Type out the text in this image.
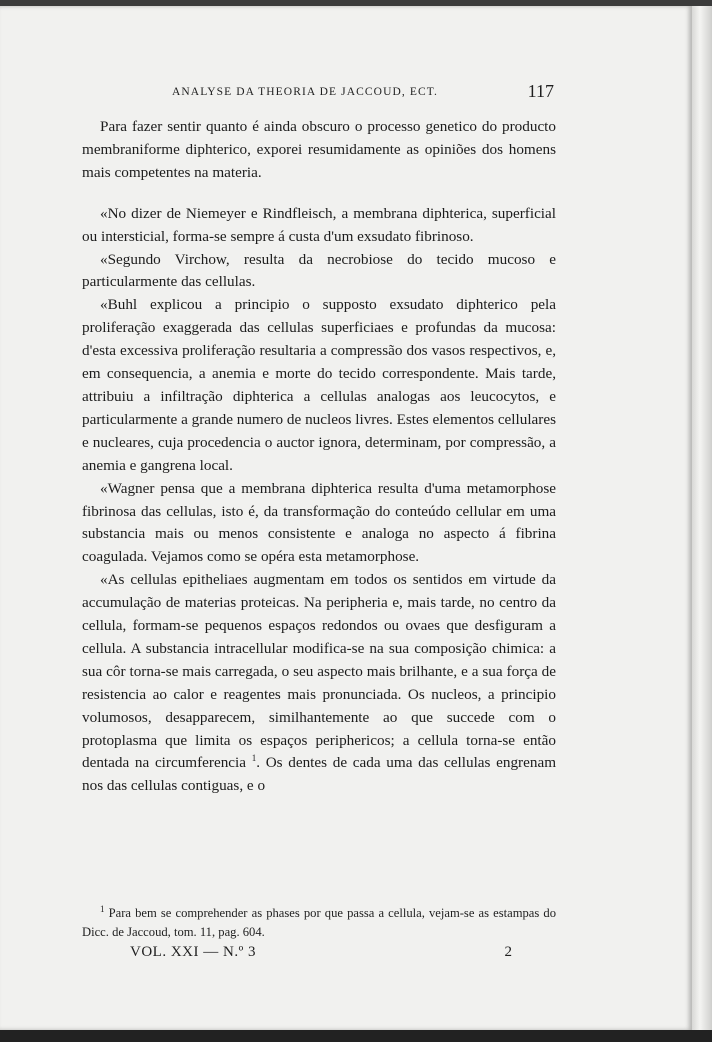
ANALYSE DA THEORIA DE JACCOUD, ECT.	117

Para fazer sentir quanto é ainda obscuro o processo genetico do producto membraniforme diphterico, exporei resumidamente as opiniões dos homens mais competentes na materia.

«No dizer de Niemeyer e Rindfleisch, a membrana diphterica, superficial ou intersticial, forma-se sempre á custa d'um exsudato fibrinoso.

«Segundo Virchow, resulta da necrobiose do tecido mucoso e particularmente das cellulas.

«Buhl explicou a principio o supposto exsudato diphterico pela proliferação exaggerada das cellulas superficiaes e profundas da mucosa: d'esta excessiva proliferação resultaria a compressão dos vasos respectivos, e, em consequencia, a anemia e morte do tecido correspondente. Mais tarde, attribuiu a infiltração diphterica a cellulas analogas aos leucocytos, e particularmente a grande numero de nucleos livres. Estes elementos cellulares e nucleares, cuja procedencia o auctor ignora, determinam, por compressão, a anemia e gangrena local.

«Wagner pensa que a membrana diphterica resulta d'uma metamorphose fibrinosa das cellulas, isto é, da transformação do conteúdo cellular em uma substancia mais ou menos consistente e analoga no aspecto á fibrina coagulada. Vejamos como se opéra esta metamorphose.

«As cellulas epitheliaes augmentam em todos os sentidos em virtude da accumulação de materias proteicas. Na peripheria e, mais tarde, no centro da cellula, formam-se pequenos espaços redondos ou ovaes que desfiguram a cellula. A substancia intracellular modifica-se na sua composição chimica: a sua côr torna-se mais carregada, o seu aspecto mais brilhante, e a sua força de resistencia ao calor e reagentes mais pronunciada. Os nucleos, a principio volumosos, desapparecem, similhantemente ao que succede com o protoplasma que limita os espaços periphericos; a cellula torna-se então dentada na circumferencia $^1$. Os dentes de cada uma das cellulas engrenam nos das cellulas contiguas, e o

$^1$ Para bem se comprehender as phases por que passa a cellula, vejam-se as estampas do Dicc. de Jaccoud, tom. 11, pag. 604.

VOL. XXI — N.º 3	2
